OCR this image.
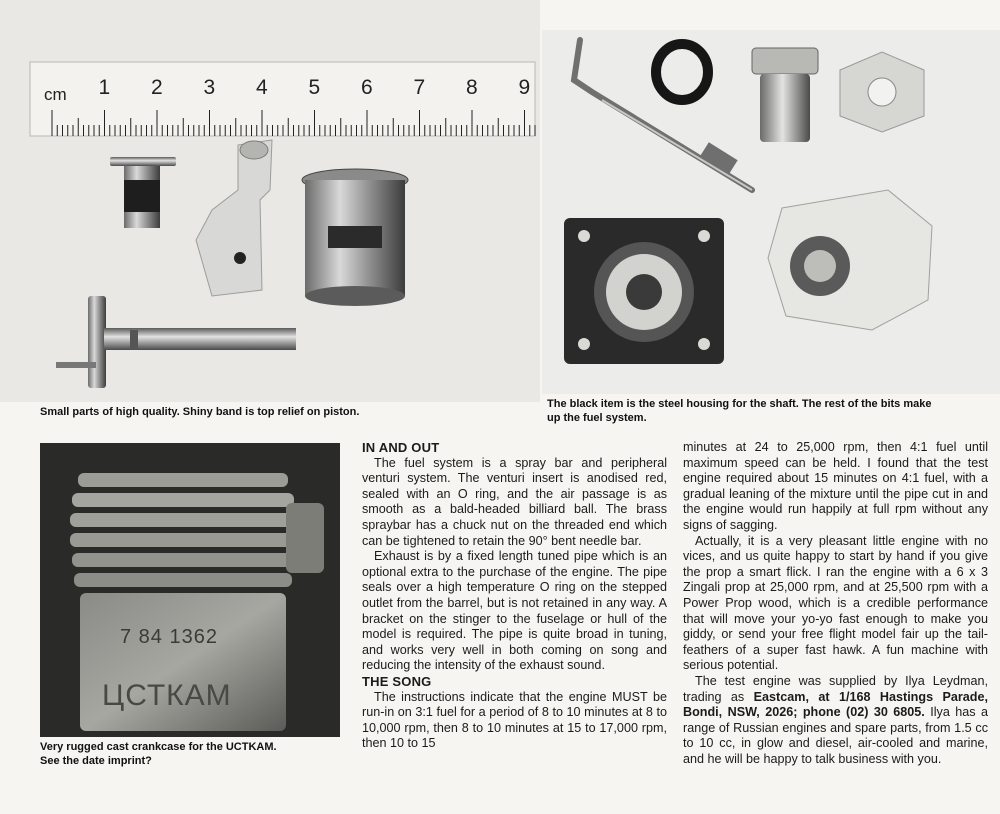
cm 1 2 3 4 5 6 7 8 9
Small parts of high quality. Shiny band is top relief on piston.
The black item is the steel housing for the shaft. The rest of the bits make
up the fuel system.
7 84 1362
ЦСТКАМ
Very rugged cast crankcase for the UCTKAM.
See the date imprint?
IN AND OUT

The fuel system is a spray bar and peripheral venturi system. The venturi insert is anodised red, sealed with an O ring, and the air passage is as smooth as a bald-headed billiard ball. The brass spraybar has a chuck nut on the threaded end which can be tightened to retain the 90° bent needle bar.

Exhaust is by a fixed length tuned pipe which is an optional extra to the purchase of the engine. The pipe seals over a high temperature O ring on the stepped outlet from the barrel, but is not retained in any way. A bracket on the stinger to the fuselage or hull of the model is required. The pipe is quite broad in tuning, and works very well in both coming on song and reducing the intensity of the exhaust sound.

THE SONG

The instructions indicate that the engine MUST be run-in on 3:1 fuel for a period of 8 to 10 minutes at 8 to 10,000 rpm, then 8 to 10 minutes at 15 to 17,000 rpm, then 10 to 15

minutes at 24 to 25,000 rpm, then 4:1 fuel until maximum speed can be held. I found that the test engine required about 15 minutes on 4:1 fuel, with a gradual leaning of the mixture until the pipe cut in and the engine would run happily at full rpm without any signs of sagging.

Actually, it is a very pleasant little engine with no vices, and us quite happy to start by hand if you give the prop a smart flick. I ran the engine with a 6 x 3 Zingali prop at 25,000 rpm, and at 25,500 rpm with a Power Prop wood, which is a credible performance that will move your yo-yo fast enough to make you giddy, or send your free flight model fair up the tail-feathers of a super fast hawk. A fun machine with serious potential.

The test engine was supplied by Ilya Leydman, trading as Eastcam, at 1/168 Hastings Parade, Bondi, NSW, 2026; phone (02) 30 6805. Ilya has a range of Russian engines and spare parts, from 1.5 cc to 10 cc, in glow and diesel, air-cooled and marine, and he will be happy to talk business with you.
